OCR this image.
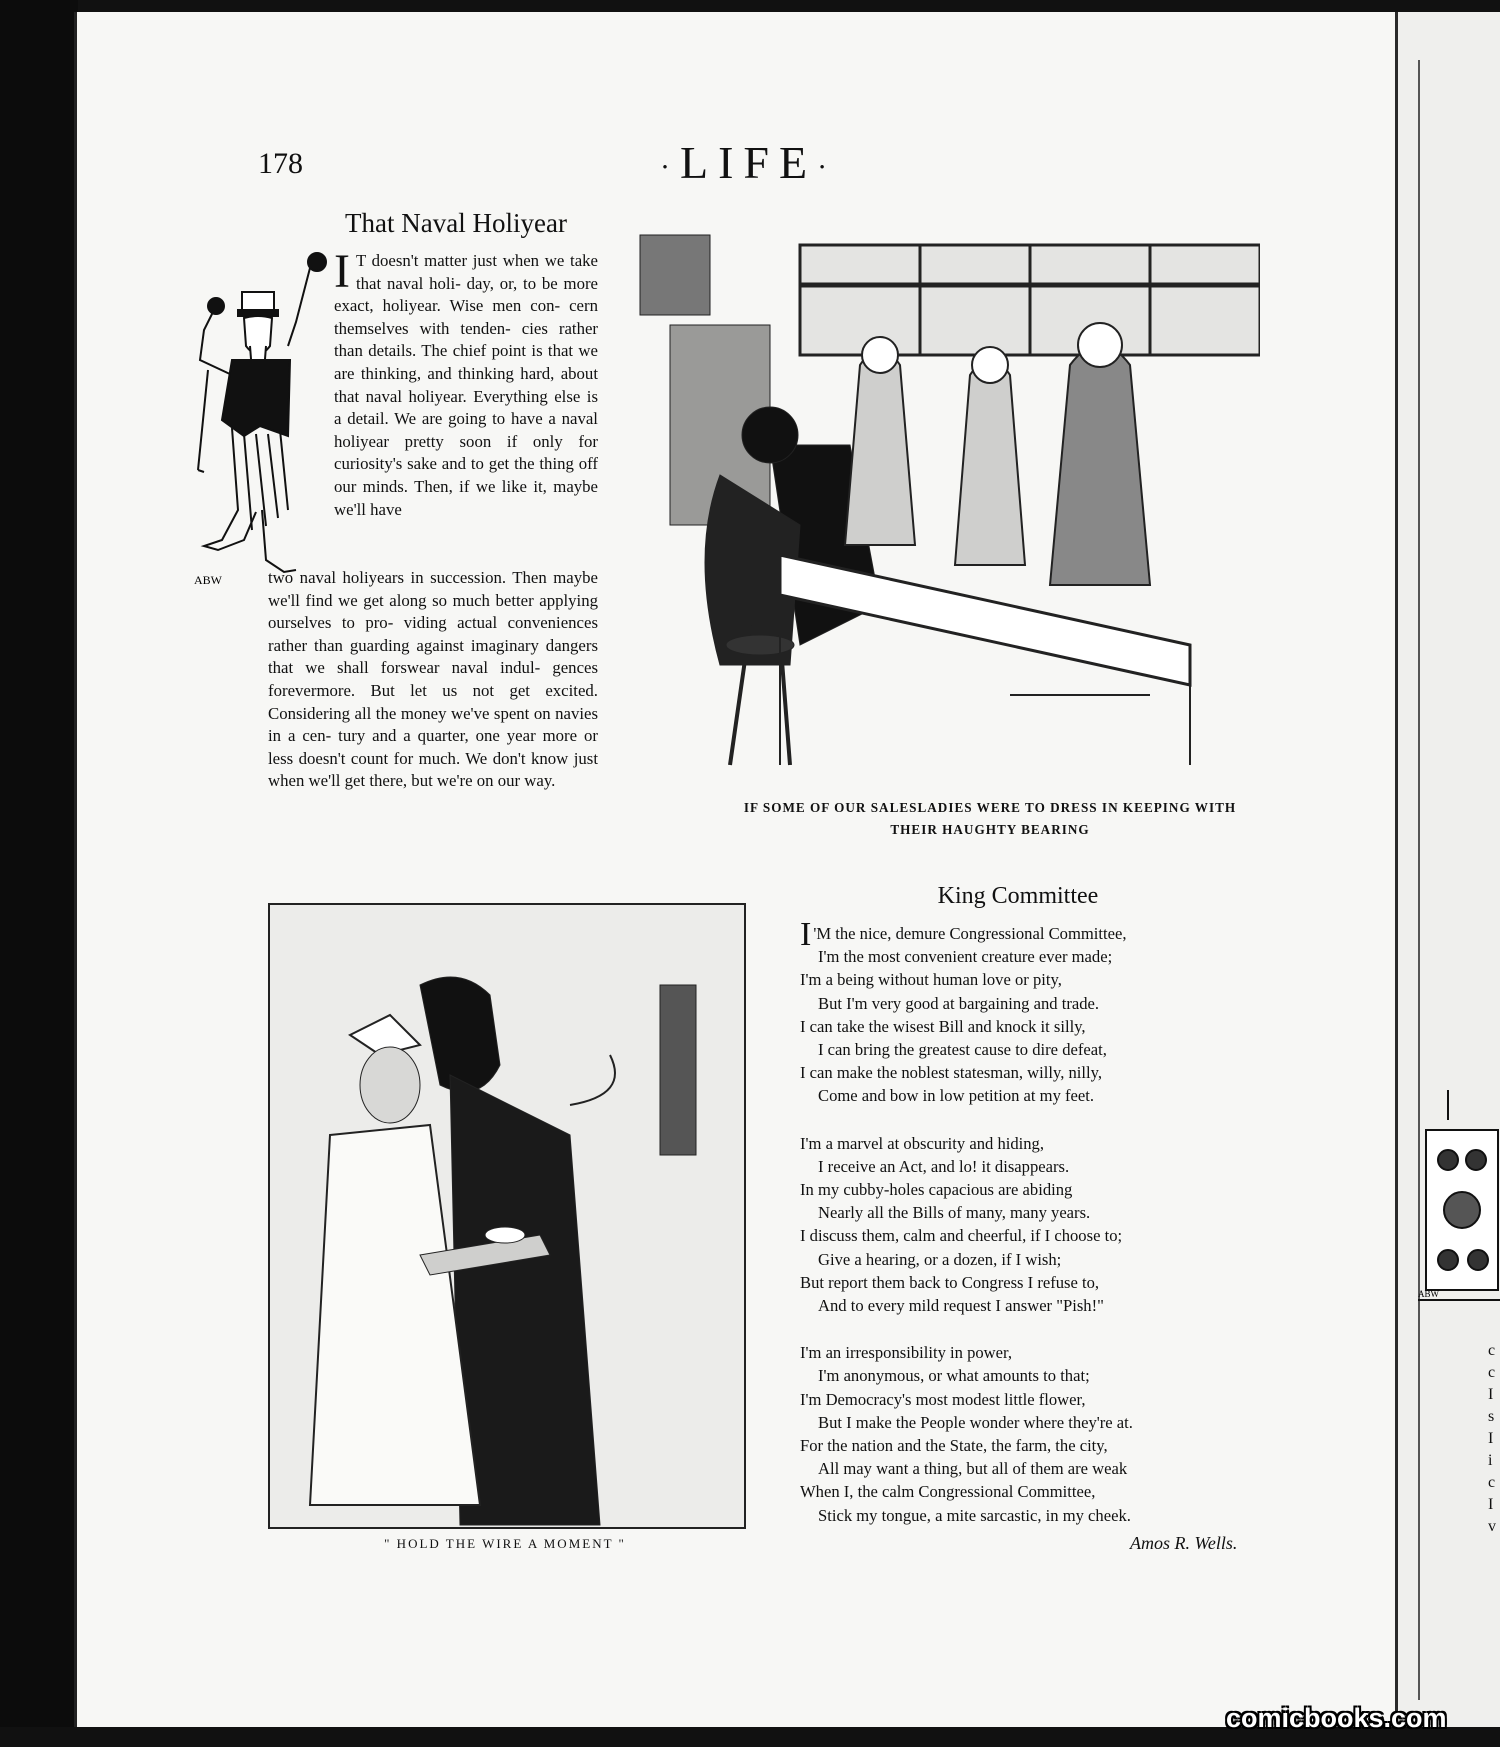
178	·LIFE·
That Naval Holiyear
ABW

I T doesn't matter just when we take that naval holi- day, or, to be more exact, holiyear. Wise men con- cern themselves with tenden- cies rather than details. The chief point is that we are thinking, and thinking hard, about that naval holiyear. Everything else is a detail. We are going to have a naval holiyear pretty soon if only for curiosity's sake and to get the thing off our minds. Then, if we like it, maybe we'll have

two naval holiyears in succession. Then maybe we'll find we get along so much better applying ourselves to pro- viding actual conveniences rather than guarding against imaginary dangers that we shall forswear naval indul- gences forevermore. But let us not get excited. Considering all the money we've spent on navies in a cen- tury and a quarter, one year more or less doesn't count for much. We don't know just when we'll get there, but we're on our way.

IF SOME OF OUR SALESLADIES WERE TO DRESS IN KEEPING WITH
THEIR HAUGHTY BEARING
" HOLD THE WIRE A MOMENT "
King Committee
I 'M the nice, demure Congressional Committee,
I'm the most convenient creature ever made;
I'm a being without human love or pity,
But I'm very good at bargaining and trade.
I can take the wisest Bill and knock it silly,
I can bring the greatest cause to dire defeat,
I can make the noblest statesman, willy, nilly,
Come and bow in low petition at my feet.
I'm a marvel at obscurity and hiding,
I receive an Act, and lo! it disappears.
In my cubby-holes capacious are abiding
Nearly all the Bills of many, many years.
I discuss them, calm and cheerful, if I choose to;
Give a hearing, or a dozen, if I wish;
But report them back to Congress I refuse to,
And to every mild request I answer "Pish!"
I'm an irresponsibility in power,
I'm anonymous, or what amounts to that;
I'm Democracy's most modest little flower,
But I make the People wonder where they're at.
For the nation and the State, the farm, the city,
All may want a thing, but all of them are weak
When I, the calm Congressional Committee,
Stick my tongue, a mite sarcastic, in my cheek.
Amos R. Wells.
ABW
c
c
I
s
I
i
c
I
v
comicbooks.com
